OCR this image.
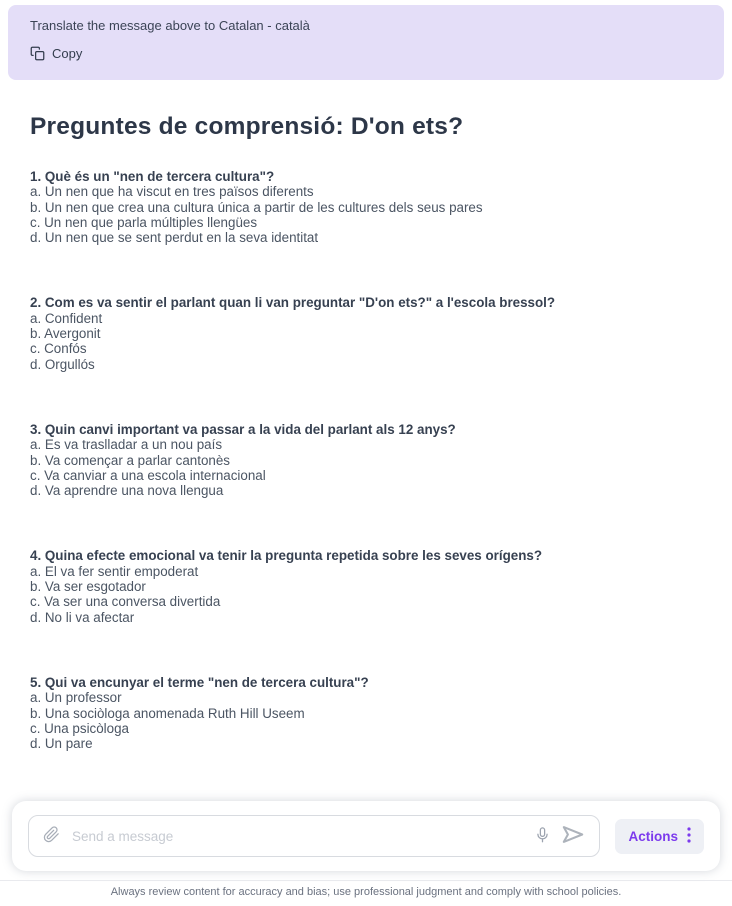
Translate the message above to Catalan - català
Copy
Preguntes de comprensió: D'on ets?
1. Què és un "nen de tercera cultura"?
a. Un nen que ha viscut en tres països diferents
b. Un nen que crea una cultura única a partir de les cultures dels seus pares
c. Un nen que parla múltiples llengües
d. Un nen que se sent perdut en la seva identitat
2. Com es va sentir el parlant quan li van preguntar "D'on ets?" a l'escola bressol?
a. Confident
b. Avergonit
c. Confós
d. Orgullós
3. Quin canvi important va passar a la vida del parlant als 12 anys?
a. Es va traslladar a un nou país
b. Va començar a parlar cantonès
c. Va canviar a una escola internacional
d. Va aprendre una nova llengua
4. Quina efecte emocional va tenir la pregunta repetida sobre les seves orígens?
a. El va fer sentir empoderat
b. Va ser esgotador
c. Va ser una conversa divertida
d. No li va afectar
5. Qui va encunyar el terme "nen de tercera cultura"?
a. Un professor
b. Una sociòloga anomenada Ruth Hill Useem
c. Una psicòloga
d. Un pare
Send a message
Actions
Always review content for accuracy and bias; use professional judgment and comply with school policies.
